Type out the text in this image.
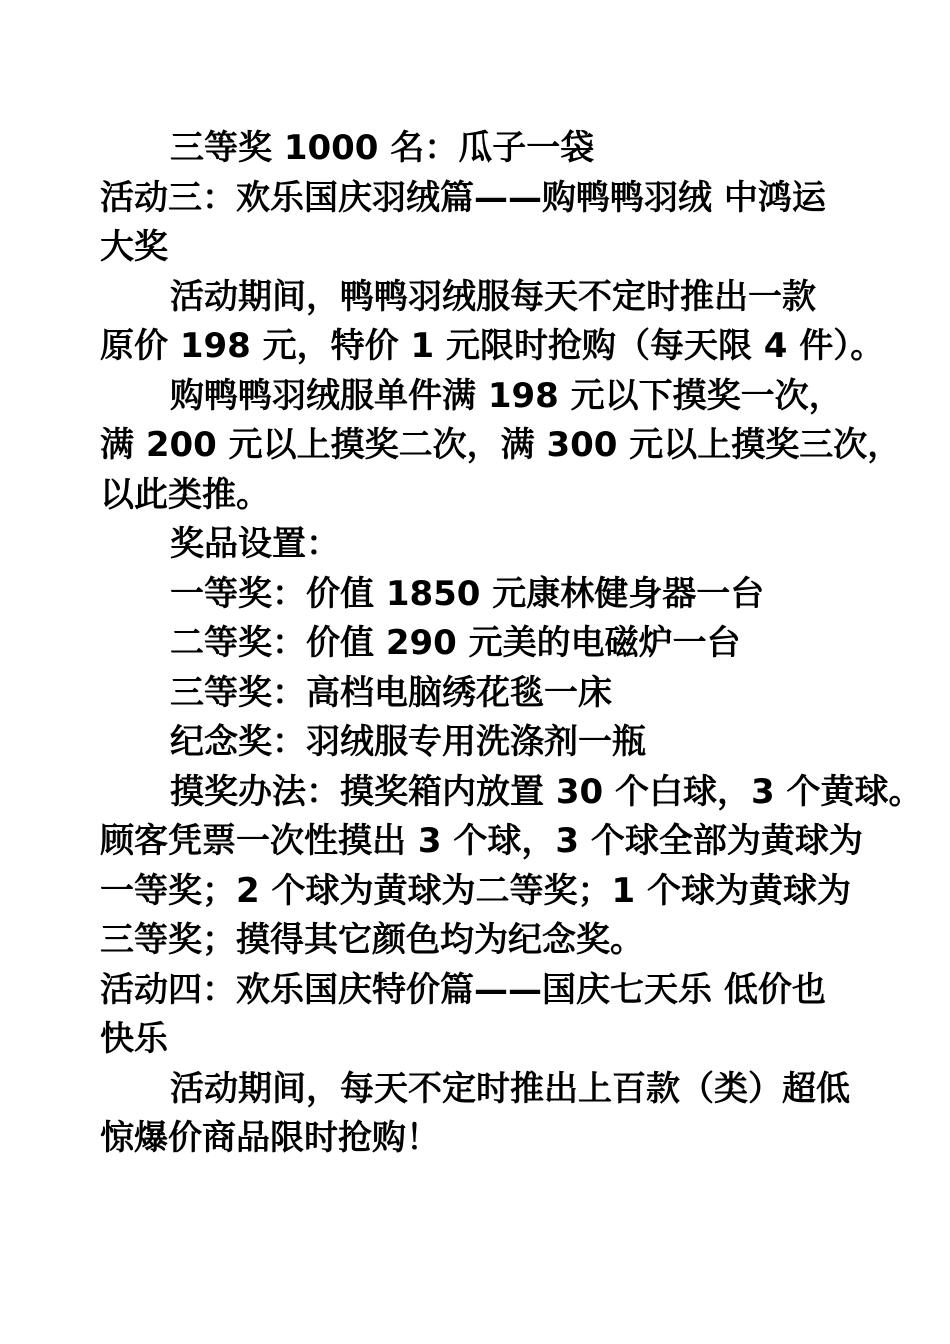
三等奖 1000 名：瓜子一袋
活动三：欢乐国庆羽绒篇——购鸭鸭羽绒 中鸿运
大奖
活动期间，鸭鸭羽绒服每天不定时推出一款
原价 198 元，特价 1 元限时抢购（每天限 4 件）。
购鸭鸭羽绒服单件满 198 元以下摸奖一次，
满 200 元以上摸奖二次，满 300 元以上摸奖三次，
以此类推。
奖品设置：
一等奖：价值 1850 元康林健身器一台
二等奖：价值 290 元美的电磁炉一台
三等奖：高档电脑绣花毯一床
纪念奖：羽绒服专用洗涤剂一瓶
摸奖办法：摸奖箱内放置 30 个白球，3 个黄球。
顾客凭票一次性摸出 3 个球，3 个球全部为黄球为
一等奖；2 个球为黄球为二等奖；1 个球为黄球为
三等奖；摸得其它颜色均为纪念奖。
活动四：欢乐国庆特价篇——国庆七天乐 低价也
快乐
活动期间，每天不定时推出上百款（类）超低
惊爆价商品限时抢购！
